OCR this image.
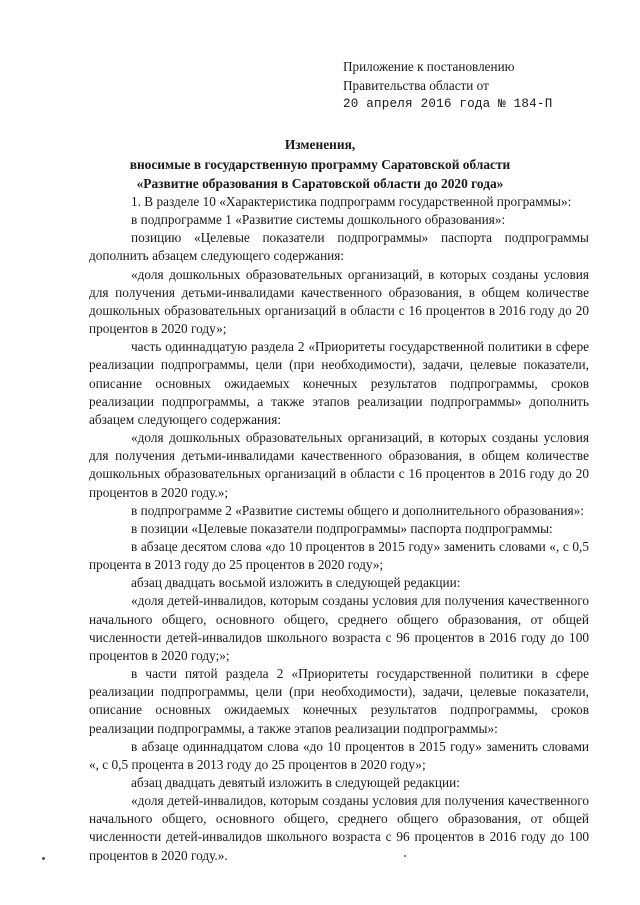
Приложение к постановлению
Правительства области от
20 апреля 2016 года № 184-П
Изменения,
вносимые в государственную программу Саратовской области
«Развитие образования в Саратовской области до 2020 года»

1. В разделе 10 «Характеристика подпрограмм государственной программы»:

в подпрограмме 1 «Развитие системы дошкольного образования»:

позицию «Целевые показатели подпрограммы» паспорта подпрограммы дополнить абзацем следующего содержания:

«доля дошкольных образовательных организаций, в которых созданы условия для получения детьми-инвалидами качественного образования, в общем количестве дошкольных образовательных организаций в области с 16 процентов в 2016 году до 20 процентов в 2020 году»;

часть одиннадцатую раздела 2 «Приоритеты государственной политики в сфере реализации подпрограммы, цели (при необходимости), задачи, целевые показатели, описание основных ожидаемых конечных результатов подпрограммы, сроков реализации подпрограммы, а также этапов реализации подпрограммы» дополнить абзацем следующего содержания:

«доля дошкольных образовательных организаций, в которых созданы условия для получения детьми-инвалидами качественного образования, в общем количестве дошкольных образовательных организаций в области с 16 процентов в 2016 году до 20 процентов в 2020 году.»;

в подпрограмме 2 «Развитие системы общего и дополнительного образования»:

в позиции «Целевые показатели подпрограммы» паспорта подпрограммы:

в абзаце десятом слова «до 10 процентов в 2015 году» заменить словами «, с 0,5 процента в 2013 году до 25 процентов в 2020 году»;

абзац двадцать восьмой изложить в следующей редакции:

«доля детей-инвалидов, которым созданы условия для получения качественного начального общего, основного общего, среднего общего образования, от общей численности детей-инвалидов школьного возраста с 96 процентов в 2016 году до 100 процентов в 2020 году;»;

в части пятой раздела 2 «Приоритеты государственной политики в сфере реализации подпрограммы, цели (при необходимости), задачи, целевые показатели, описание основных ожидаемых конечных результатов подпрограммы, сроков реализации подпрограммы, а также этапов реализации подпрограммы»:

в абзаце одиннадцатом слова «до 10 процентов в 2015 году» заменить словами «, с 0,5 процента в 2013 году до 25 процентов в 2020 году»;

абзац двадцать девятый изложить в следующей редакции:

«доля детей-инвалидов, которым созданы условия для получения качественного начального общего, основного общего, среднего общего образования, от общей численности детей-инвалидов школьного возраста с 96 процентов в 2016 году до 100 процентов в 2020 году.».
